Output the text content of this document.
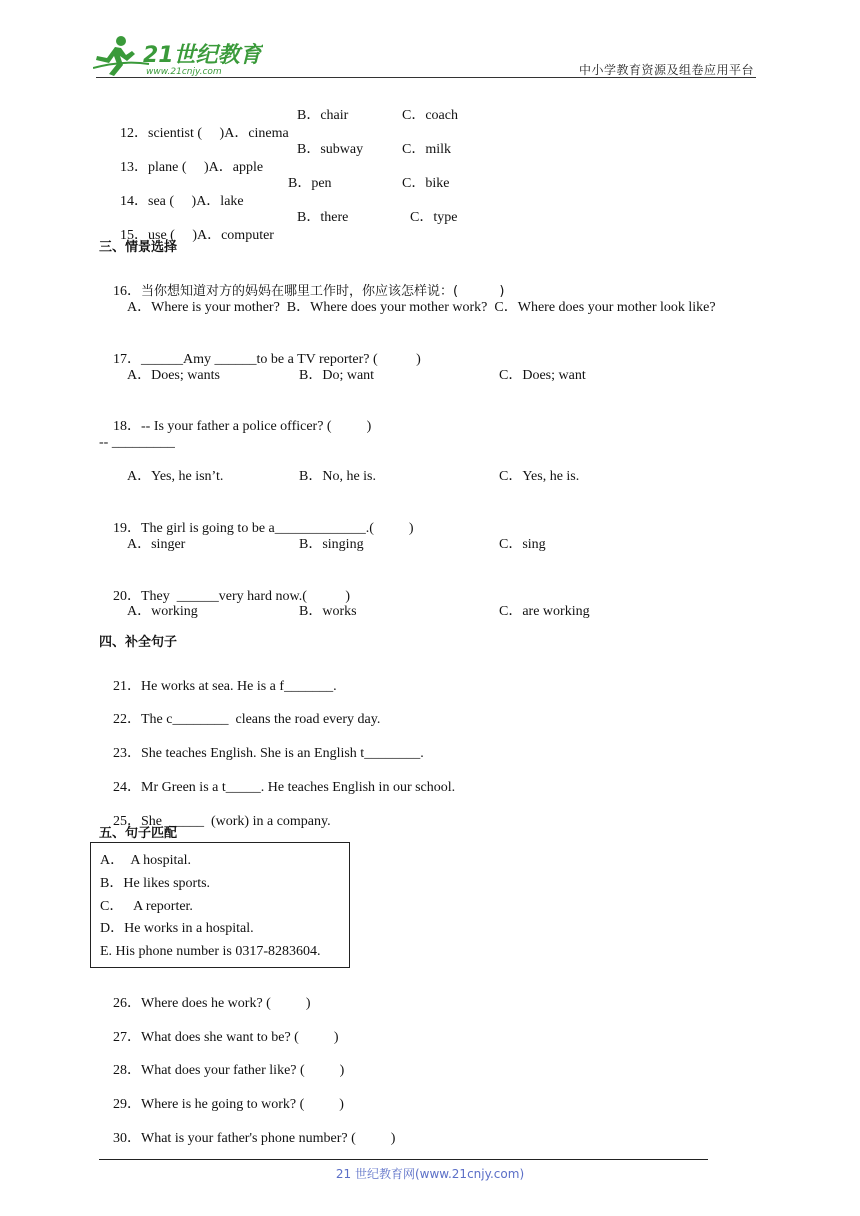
21世纪教育
www.21cnjy.com	中小学教育资源及组卷应用平台

12．scientist (     )A．cinema

B．chair	C．coach

13．plane (     )A．apple

B．subway	C．milk

14．sea (     )A．lake

B．pen	C．bike

15．use (     )A．computer

B．there	C．type
三、情景选择

16．当你想知道对方的妈妈在哪里工作时，你应该怎样说：(          )

A．Where is your mother?  B．Where does your mother work?  C．Where does your mother look like?

17．______Amy ______to be a TV reporter? (           )

A．Does; wants	B．Do; want	C．Does; want

18．-- Is your father a police officer? (          )

-- _________
A．Yes, he isn’t.	B．No, he is.	C．Yes, he is.

19．The girl is going to be a_____________.(          )

A．singer	B．singing	C．sing

20．They  ______very hard now.(           )

A．working	B．works	C．are working
四、补全句子

21．He works at sea. He is a f_______.

22．The c________  cleans the road every day.

23．She teaches English. She is an English t________.

24．Mr Green is a t_____. He teaches English in our school.

25．She  _____  (work) in a company.

五、句子匹配
A．  A hospital.
B．He likes sports.
C．   A reporter.
D．He works in a hospital.
E. His phone number is 0317-8283604.

26．Where does he work? (          )

27．What does she want to be? (          )

28．What does your father like? (          )

29．Where is he going to work? (          )

30．What is your father's phone number? (          )

21 世纪教育网(www.21cnjy.com)
